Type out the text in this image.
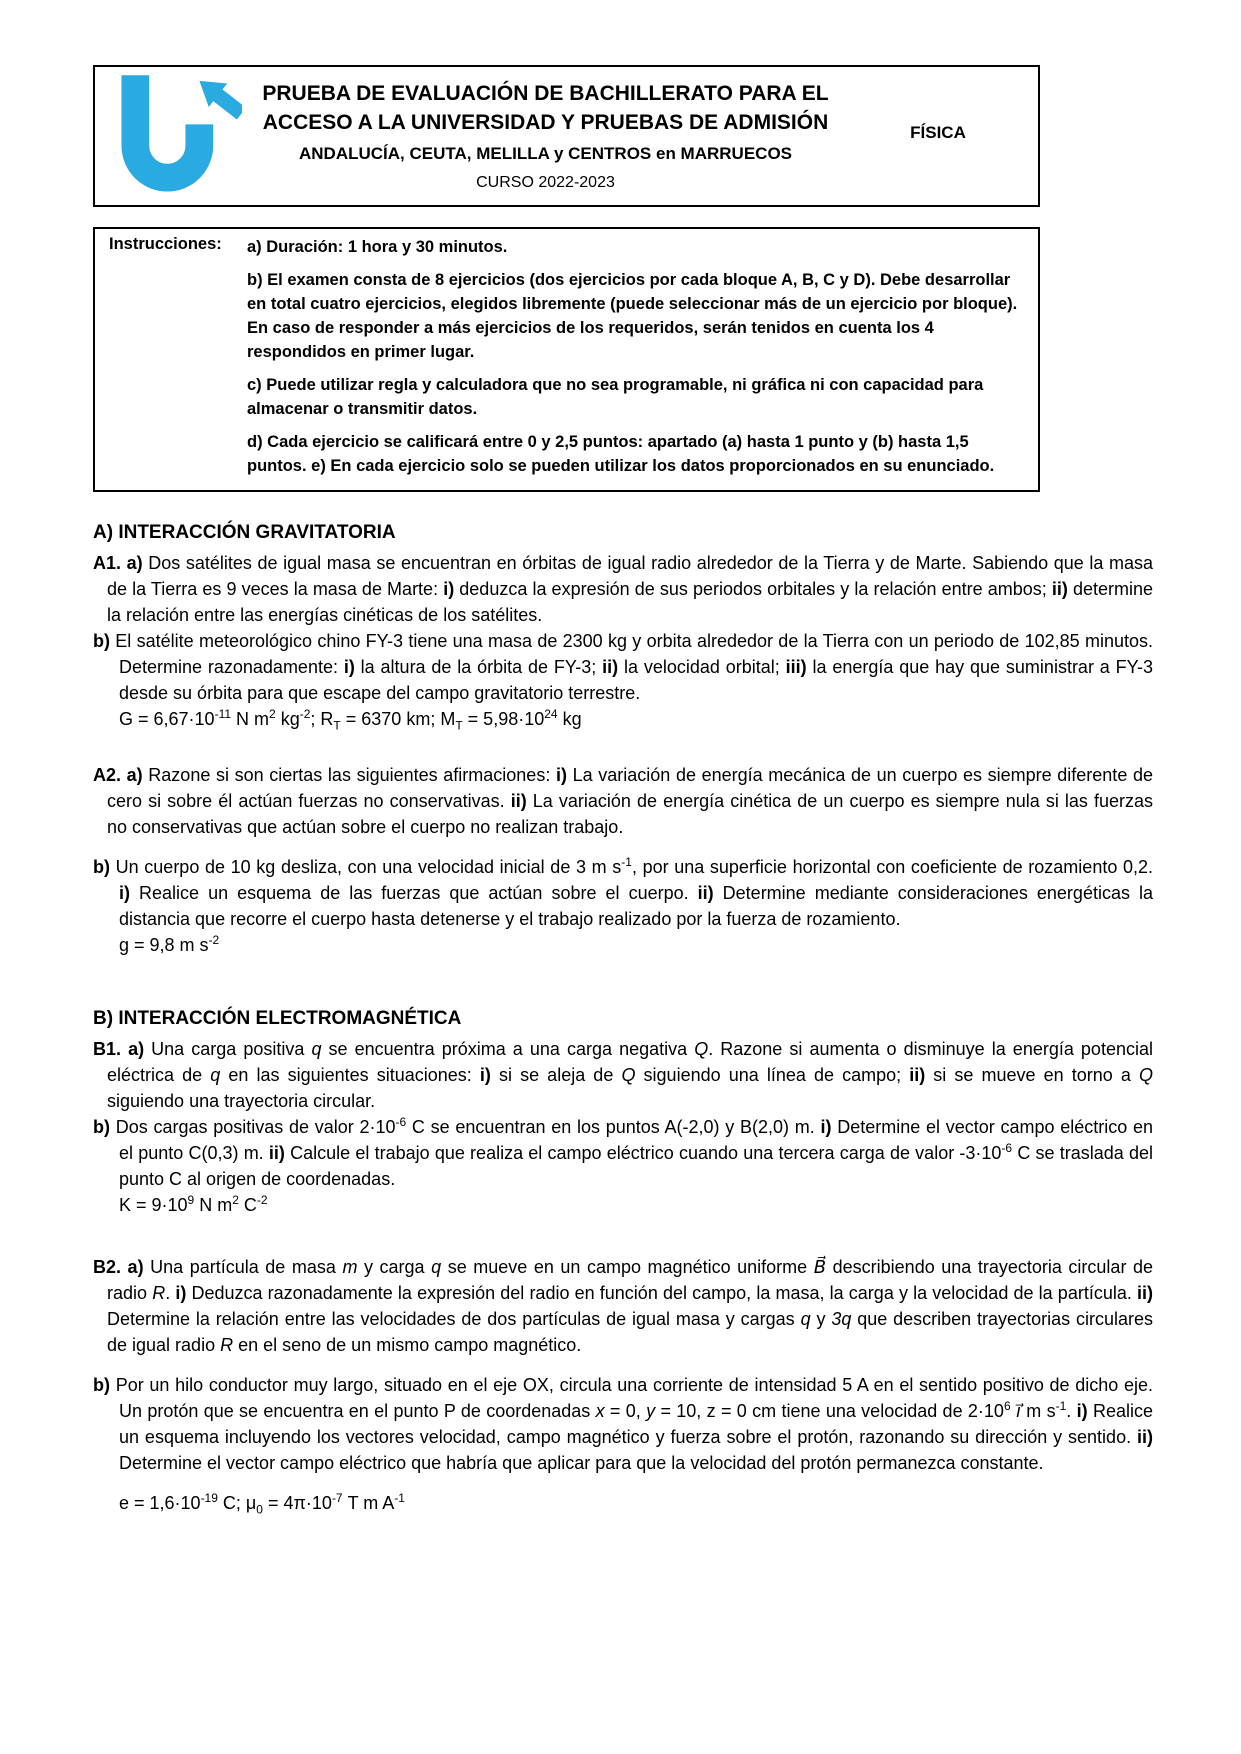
PRUEBA DE EVALUACIÓN DE BACHILLERATO PARA EL
ACCESO A LA UNIVERSIDAD Y PRUEBAS DE ADMISIÓN
ANDALUCÍA, CEUTA, MELILLA y CENTROS en MARRUECOS
CURSO 2022-2023
FÍSICA
Instrucciones:	a) Duración: 1 hora y 30 minutos.
b) El examen consta de 8 ejercicios (dos ejercicios por cada bloque A, B, C y D). Debe desarrollar en total cuatro ejercicios, elegidos libremente (puede seleccionar más de un ejercicio por bloque). En caso de responder a más ejercicios de los requeridos, serán tenidos en cuenta los 4 respondidos en primer lugar.
c) Puede utilizar regla y calculadora que no sea programable, ni gráfica ni con capacidad para almacenar o transmitir datos.
d) Cada ejercicio se calificará entre 0 y 2,5 puntos: apartado (a) hasta 1 punto y (b) hasta 1,5 puntos. e) En cada ejercicio solo se pueden utilizar los datos proporcionados en su enunciado.
A) INTERACCIÓN GRAVITATORIA

A1. a) Dos satélites de igual masa se encuentran en órbitas de igual radio alrededor de la Tierra y de Marte. Sabiendo que la masa de la Tierra es 9 veces la masa de Marte: i) deduzca la expresión de sus periodos orbitales y la relación entre ambos; ii) determine la relación entre las energías cinéticas de los satélites.

b) El satélite meteorológico chino FY-3 tiene una masa de 2300 kg y orbita alrededor de la Tierra con un periodo de 102,85 minutos. Determine razonadamente: i) la altura de la órbita de FY-3; ii) la velocidad orbital; iii) la energía que hay que suministrar a FY-3 desde su órbita para que escape del campo gravitatorio terrestre.

$G = 6,67\cdot 10^{-11}$ N $m^2$ $kg^{-2}$; $R_T = 6370$ km; $M_T = 5,98\cdot 10^{24}$ kg

A2. a) Razone si son ciertas las siguientes afirmaciones: i) La variación de energía mecánica de un cuerpo es siempre diferente de cero si sobre él actúan fuerzas no conservativas. ii) La variación de energía cinética de un cuerpo es siempre nula si las fuerzas no conservativas que actúan sobre el cuerpo no realizan trabajo.

b) Un cuerpo de 10 kg desliza, con una velocidad inicial de 3 m $s^{-1}$, por una superficie horizontal con coeficiente de rozamiento 0,2. i) Realice un esquema de las fuerzas que actúan sobre el cuerpo. ii) Determine mediante consideraciones energéticas la distancia que recorre el cuerpo hasta detenerse y el trabajo realizado por la fuerza de rozamiento.

g = 9,8 m $s^{-2}$

B) INTERACCIÓN ELECTROMAGNÉTICA

B1. a) Una carga positiva q se encuentra próxima a una carga negativa Q. Razone si aumenta o disminuye la energía potencial eléctrica de q en las siguientes situaciones: i) si se aleja de Q siguiendo una línea de campo; ii) si se mueve en torno a Q siguiendo una trayectoria circular.

b) Dos cargas positivas de valor $2\cdot 10^{-6}$ C se encuentran en los puntos A(-2,0) y B(2,0) m. i) Determine el vector campo eléctrico en el punto C(0,3) m. ii) Calcule el trabajo que realiza el campo eléctrico cuando una tercera carga de valor $-3\cdot 10^{-6}$ C se traslada del punto C al origen de coordenadas.

$K = 9\cdot 10^9$ N $m^2$ $C^{-2}$

B2. a) Una partícula de masa m y carga q se mueve en un campo magnético uniforme B⃗ describiendo una trayectoria circular de radio R. i) Deduzca razonadamente la expresión del radio en función del campo, la masa, la carga y la velocidad de la partícula. ii) Determine la relación entre las velocidades de dos partículas de igual masa y cargas q y 3q que describen trayectorias circulares de igual radio R en el seno de un mismo campo magnético.

b) Por un hilo conductor muy largo, situado en el eje OX, circula una corriente de intensidad 5 A en el sentido positivo de dicho eje. Un protón que se encuentra en el punto P de coordenadas x = 0, y = 10, z = 0 cm tiene una velocidad de $2\cdot 10^6$ ı⃗ m $s^{-1}$. i) Realice un esquema incluyendo los vectores velocidad, campo magnético y fuerza sobre el protón, razonando su dirección y sentido. ii) Determine el vector campo eléctrico que habría que aplicar para que la velocidad del protón permanezca constante.

$e = 1,6\cdot 10^{-19}$ C; $\mu_0 = 4\pi\cdot 10^{-7}$ T m $A^{-1}$
